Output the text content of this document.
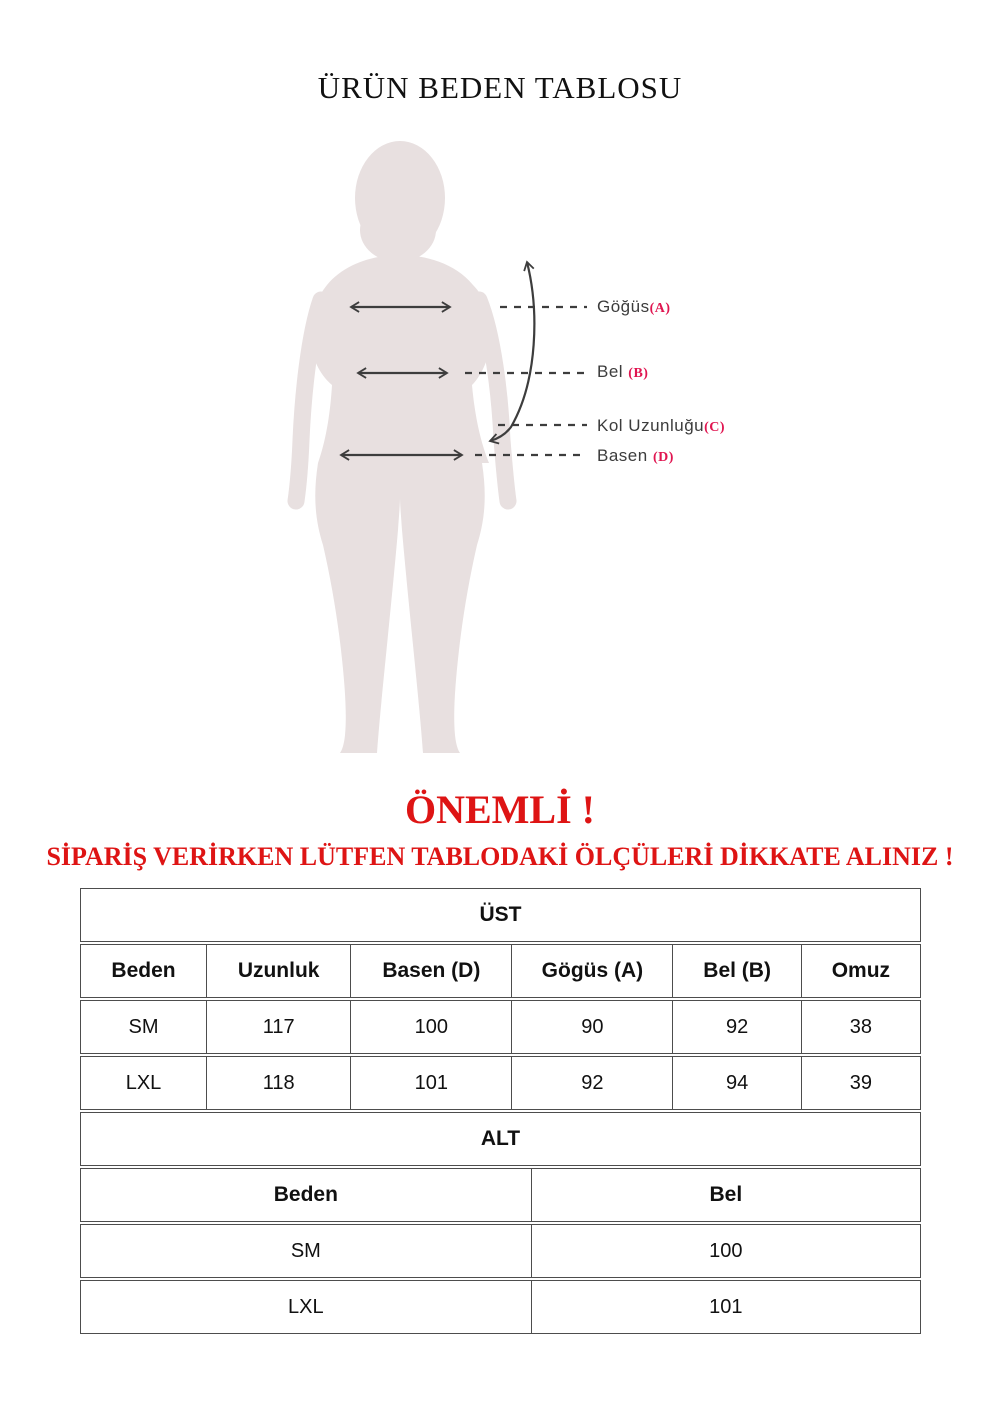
ÜRÜN BEDEN TABLOSU
Göğüs(A)
Bel (B)
Kol Uzunluğu(C)
Basen (D)
ÖNEMLİ !
SİPARİŞ VERİRKEN LÜTFEN TABLODAKİ ÖLÇÜLERİ DİKKATE ALINIZ !
ÜST
Beden	Uzunluk	Basen (D)	Gögüs (A)	Bel (B)	Omuz
SM	117	100	90	92	38
LXL	118	101	92	94	39
ALT
Beden	Bel
SM	100
LXL	101
